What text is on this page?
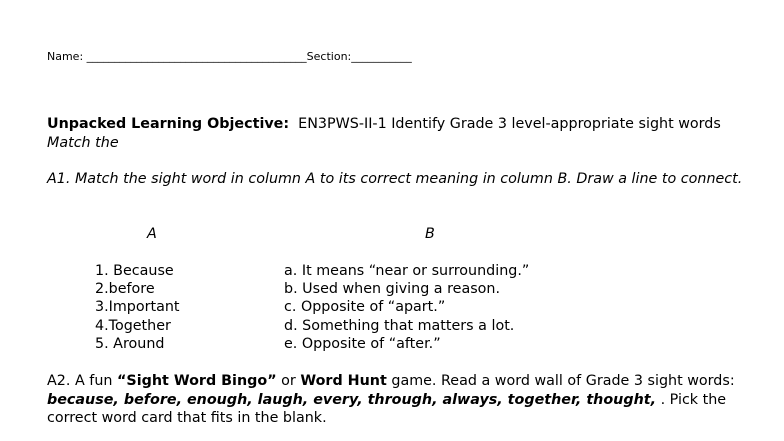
Name: ________________________________________Section:___________
Unpacked Learning Objective: EN3PWS-II-1 Identify Grade 3 level-appropriate sight words Match the
A1. Match the sight word in column A to its correct meaning in column B. Draw a line to connect.
A	B
1. Because
2.before
3.Important
4.Together
5. Around
a. It means “near or surrounding.”
b. Used when giving a reason.
c. Opposite of “apart.”
d. Something that matters a lot.
e. Opposite of “after.”
A2. A fun “Sight Word Bingo” or Word Hunt game. Read a word wall of Grade 3 sight words: because, before, enough, laugh, every, through, always, together, thought, . Pick the correct word card that fits in the blank.
